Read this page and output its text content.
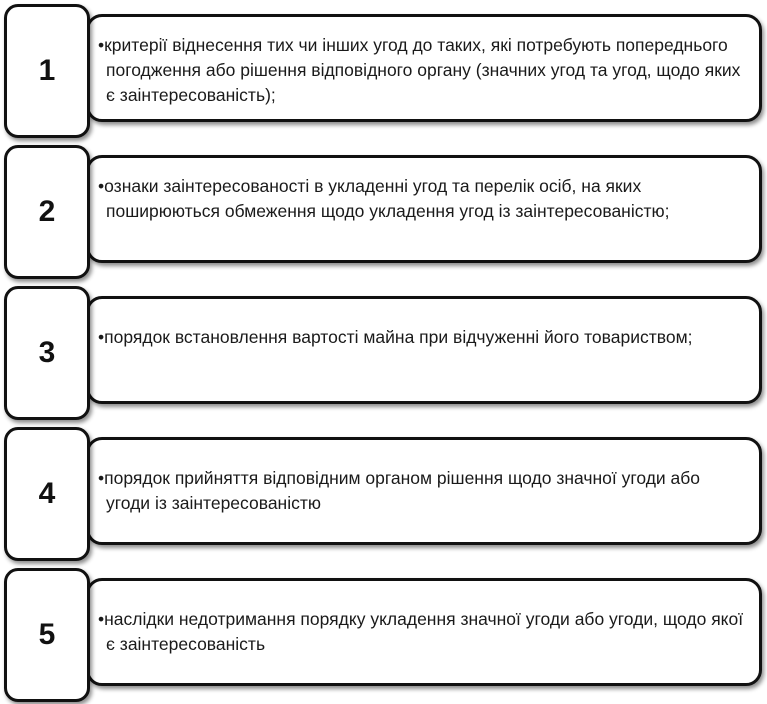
1
•критерії віднесення тих чи інших угод до таких, які потребують попереднього погодження або рішення відповідного органу (значних угод та угод, щодо яких є заінтересованість);
2
•ознаки заінтересованості в укладенні угод та перелік осіб, на яких поширюються обмеження щодо укладення угод із заінтересованістю;
3 •порядок встановлення вартості майна при відчуженні його товариством;
4 •порядок прийняття відповідним органом рішення щодо значної угоди або угоди із заінтересованістю
5 •наслідки недотримання порядку укладення значної угоди або угоди, щодо якої є заінтересованість
